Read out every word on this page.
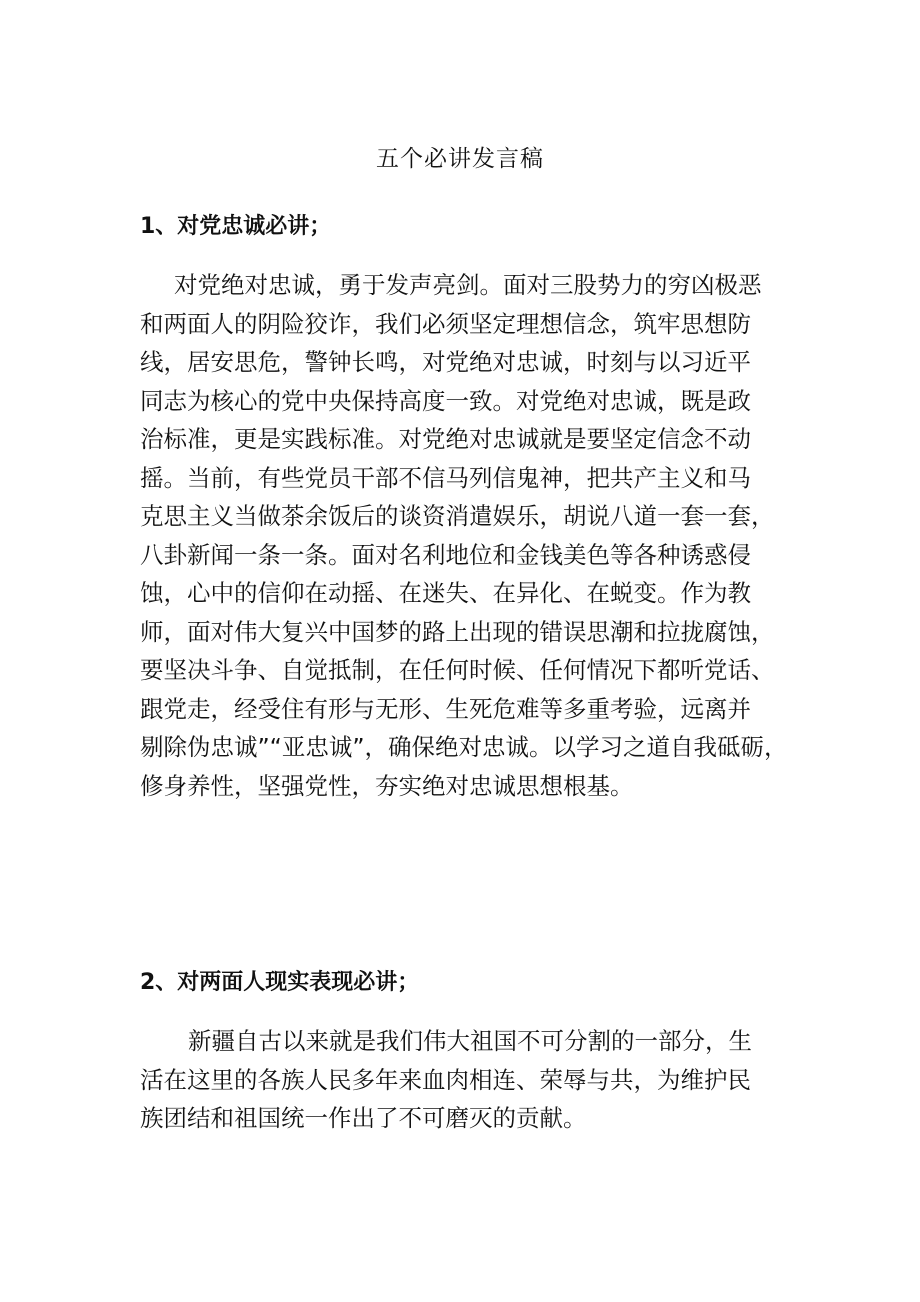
五个必讲发言稿
1、对党忠诚必讲；
对党绝对忠诚，勇于发声亮剑。面对三股势力的穷凶极恶
和两面人的阴险狡诈，我们必须坚定理想信念，筑牢思想防
线，居安思危，警钟长鸣，对党绝对忠诚，时刻与以习近平
同志为核心的党中央保持高度一致。对党绝对忠诚，既是政
治标准，更是实践标准。对党绝对忠诚就是要坚定信念不动
摇。当前，有些党员干部不信马列信鬼神，把共产主义和马
克思主义当做茶余饭后的谈资消遣娱乐，胡说八道一套一套，
八卦新闻一条一条。面对名利地位和金钱美色等各种诱惑侵
蚀，心中的信仰在动摇、在迷失、在异化、在蜕变。作为教
师，面对伟大复兴中国梦的路上出现的错误思潮和拉拢腐蚀，
要坚决斗争、自觉抵制，在任何时候、任何情况下都听党话、
跟党走，经受住有形与无形、生死危难等多重考验，远离并
剔除伪忠诚”“亚忠诚”，确保绝对忠诚。以学习之道自我砥砺，
修身养性，坚强党性，夯实绝对忠诚思想根基。
2、对两面人现实表现必讲；
新疆自古以来就是我们伟大祖国不可分割的一部分，生
活在这里的各族人民多年来血肉相连、荣辱与共，为维护民
族团结和祖国统一作出了不可磨灭的贡献。
